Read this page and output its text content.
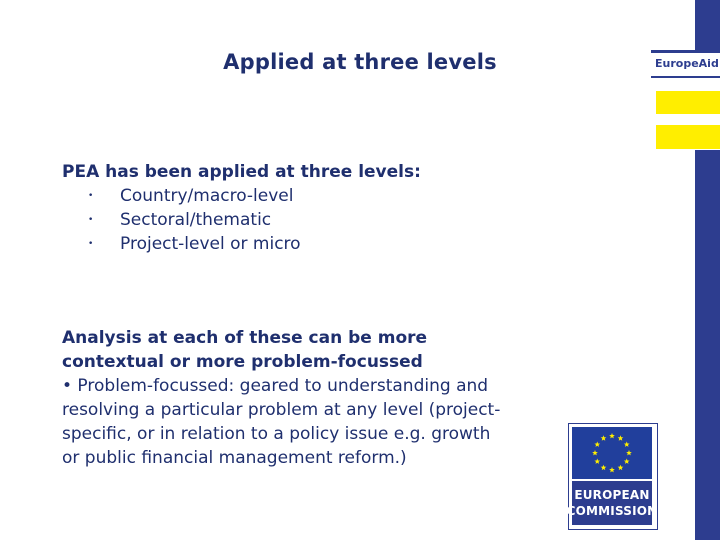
Applied at three levels
PEA has been applied at three levels:
• Country/macro-level
• Sectoral/thematic
• Project-level or micro
Analysis at each of these can be more
contextual or more problem-focussed
• Problem-focussed: geared to understanding and
resolving a particular problem at any level (project-
specific, or in relation to a policy issue e.g. growth
or public financial management reform.)
EuropeAid
EUROPEAN
COMMISSION
